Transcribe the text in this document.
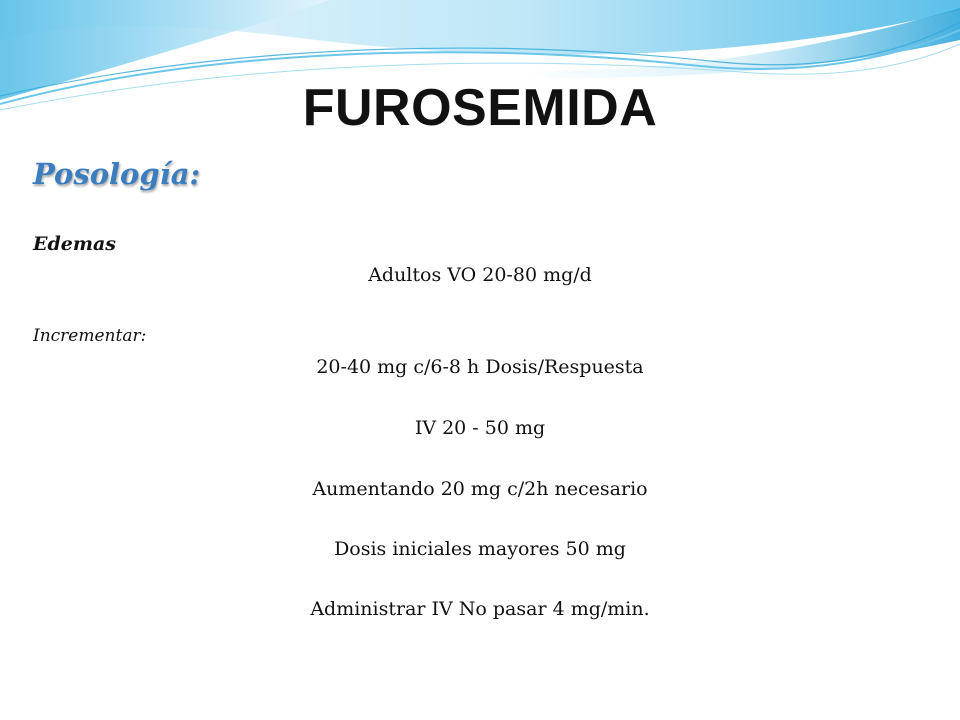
FUROSEMIDA
Posología:
Edemas
Adultos VO 20-80 mg/d
Incrementar:
20-40 mg c/6-8 h Dosis/Respuesta
IV 20 - 50 mg
Aumentando 20 mg c/2h necesario
Dosis iniciales mayores 50 mg
Administrar IV No pasar 4 mg/min.
